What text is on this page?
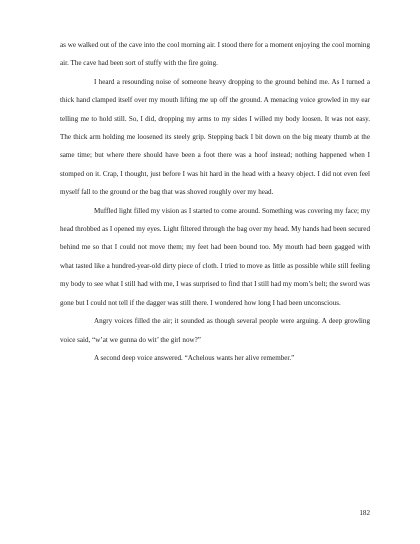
as we walked out of the cave into the cool morning air. I stood there for a moment enjoying the cool morning air. The cave had been sort of stuffy with the fire going.

I heard a resounding noise of someone heavy dropping to the ground behind me. As I turned a thick hand clamped itself over my mouth lifting me up off the ground. A menacing voice growled in my ear telling me to hold still. So, I did, dropping my arms to my sides I willed my body loosen. It was not easy. The thick arm holding me loosened its steely grip. Stepping back I bit down on the big meaty thumb at the same time; but where there should have been a foot there was a hoof instead; nothing happened when I stomped on it. Crap, I thought, just before I was hit hard in the head with a heavy object. I did not even feel myself fall to the ground or the bag that was shoved roughly over my head.

Muffled light filled my vision as I started to come around. Something was covering my face; my head throbbed as I opened my eyes. Light filtered through the bag over my head. My hands had been secured behind me so that I could not move them; my feet had been bound too. My mouth had been gagged with what tasted like a hundred-year-old dirty piece of cloth. I tried to move as little as possible while still feeling my body to see what I still had with me, I was surprised to find that I still had my mom’s belt; the sword was gone but I could not tell if the dagger was still there. I wondered how long I had been unconscious.

Angry voices filled the air; it sounded as though several people were arguing. A deep growling voice said, “w’at we gunna do wit’ the girl now?”

A second deep voice answered. “Achelous wants her alive remember.”

182
